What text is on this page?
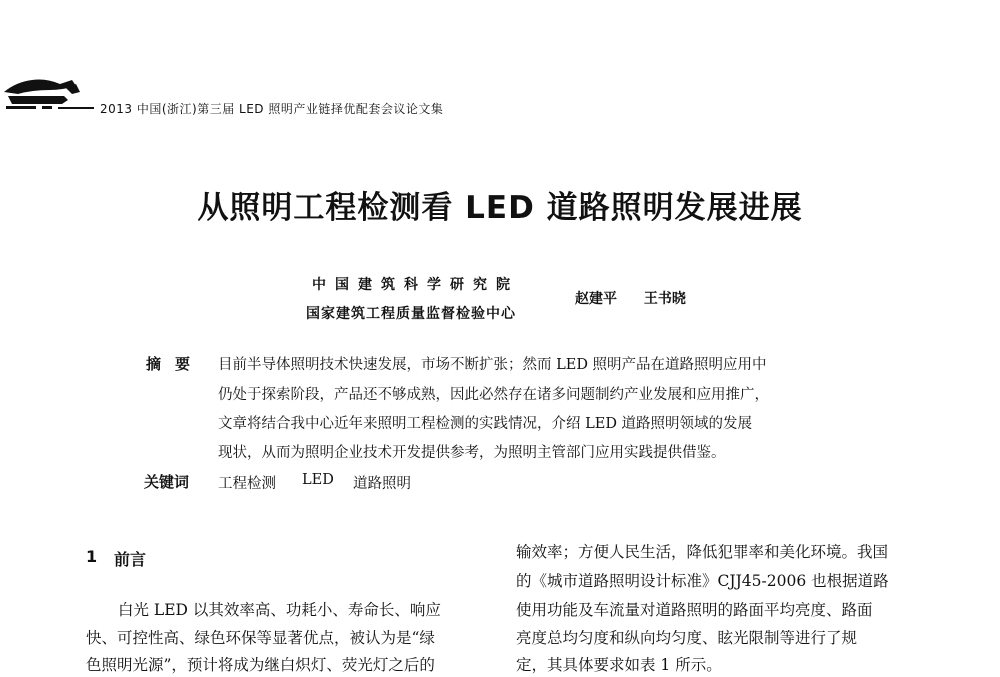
2013 中国(浙江)第三届 LED 照明产业链择优配套会议论文集
从照明工程检测看 LED 道路照明发展进展
中国建筑科学研究院
国家建筑工程质量监督检验中心
赵建平 王书晓
摘要 目前半导体照明技术快速发展，市场不断扩张；然而 LED 照明产品在道路照明应用中
仍处于探索阶段，产品还不够成熟，因此必然存在诸多问题制约产业发展和应用推广，
文章将结合我中心近年来照明工程检测的实践情况，介绍 LED 道路照明领域的发展
现状，从而为照明企业技术开发提供参考，为照明主管部门应用实践提供借鉴。
关键词 工程检测 LED 道路照明
1 前言
白光 LED 以其效率高、功耗小、寿命长、响应
快、可控性高、绿色环保等显著优点，被认为是“绿
色照明光源”，预计将成为继白炽灯、荧光灯之后的
输效率；方便人民生活，降低犯罪率和美化环境。我国
的《城市道路照明设计标准》CJJ45-2006 也根据道路
使用功能及车流量对道路照明的路面平均亮度、路面
亮度总均匀度和纵向均匀度、眩光限制等进行了规
定，其具体要求如表 1 所示。
